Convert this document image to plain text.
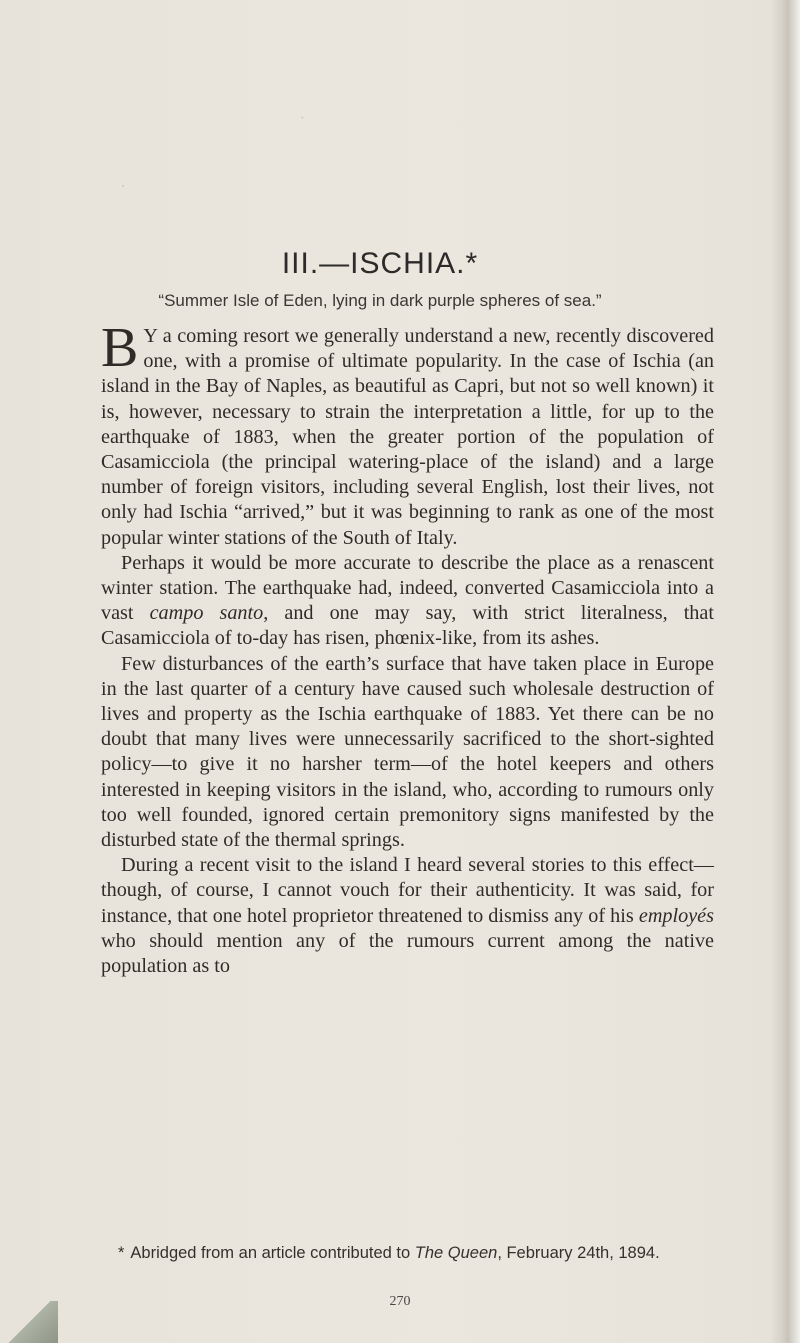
·
·
III.—ISCHIA.*

“Summer Isle of Eden, lying in dark purple spheres of sea.”

B Y a coming resort we generally understand a new, recently discovered one, with a promise of ultimate popularity. In the case of Ischia (an island in the Bay of Naples, as beautiful as Capri, but not so well known) it is, however, necessary to strain the interpretation a little, for up to the earthquake of 1883, when the greater portion of the population of Casamicciola (the principal watering-place of the island) and a large number of foreign visitors, including several English, lost their lives, not only had Ischia “arrived,” but it was beginning to rank as one of the most popular winter stations of the South of Italy.

Perhaps it would be more accurate to describe the place as a renascent winter station. The earthquake had, indeed, converted Casamicciola into a vast campo santo, and one may say, with strict literalness, that Casamicciola of to-day has risen, phœnix-like, from its ashes.

Few disturbances of the earth’s surface that have taken place in Europe in the last quarter of a century have caused such wholesale destruction of lives and property as the Ischia earthquake of 1883. Yet there can be no doubt that many lives were unnecessarily sacrificed to the short-sighted policy—to give it no harsher term—of the hotel keepers and others interested in keeping visitors in the island, who, according to rumours only too well founded, ignored certain premonitory signs manifested by the disturbed state of the thermal springs.

During a recent visit to the island I heard several stories to this effect—though, of course, I cannot vouch for their authenticity. It was said, for instance, that one hotel proprietor threatened to dismiss any of his employés who should mention any of the rumours current among the native population as to

* Abridged from an article contributed to The Queen, February 24th, 1894.

270
